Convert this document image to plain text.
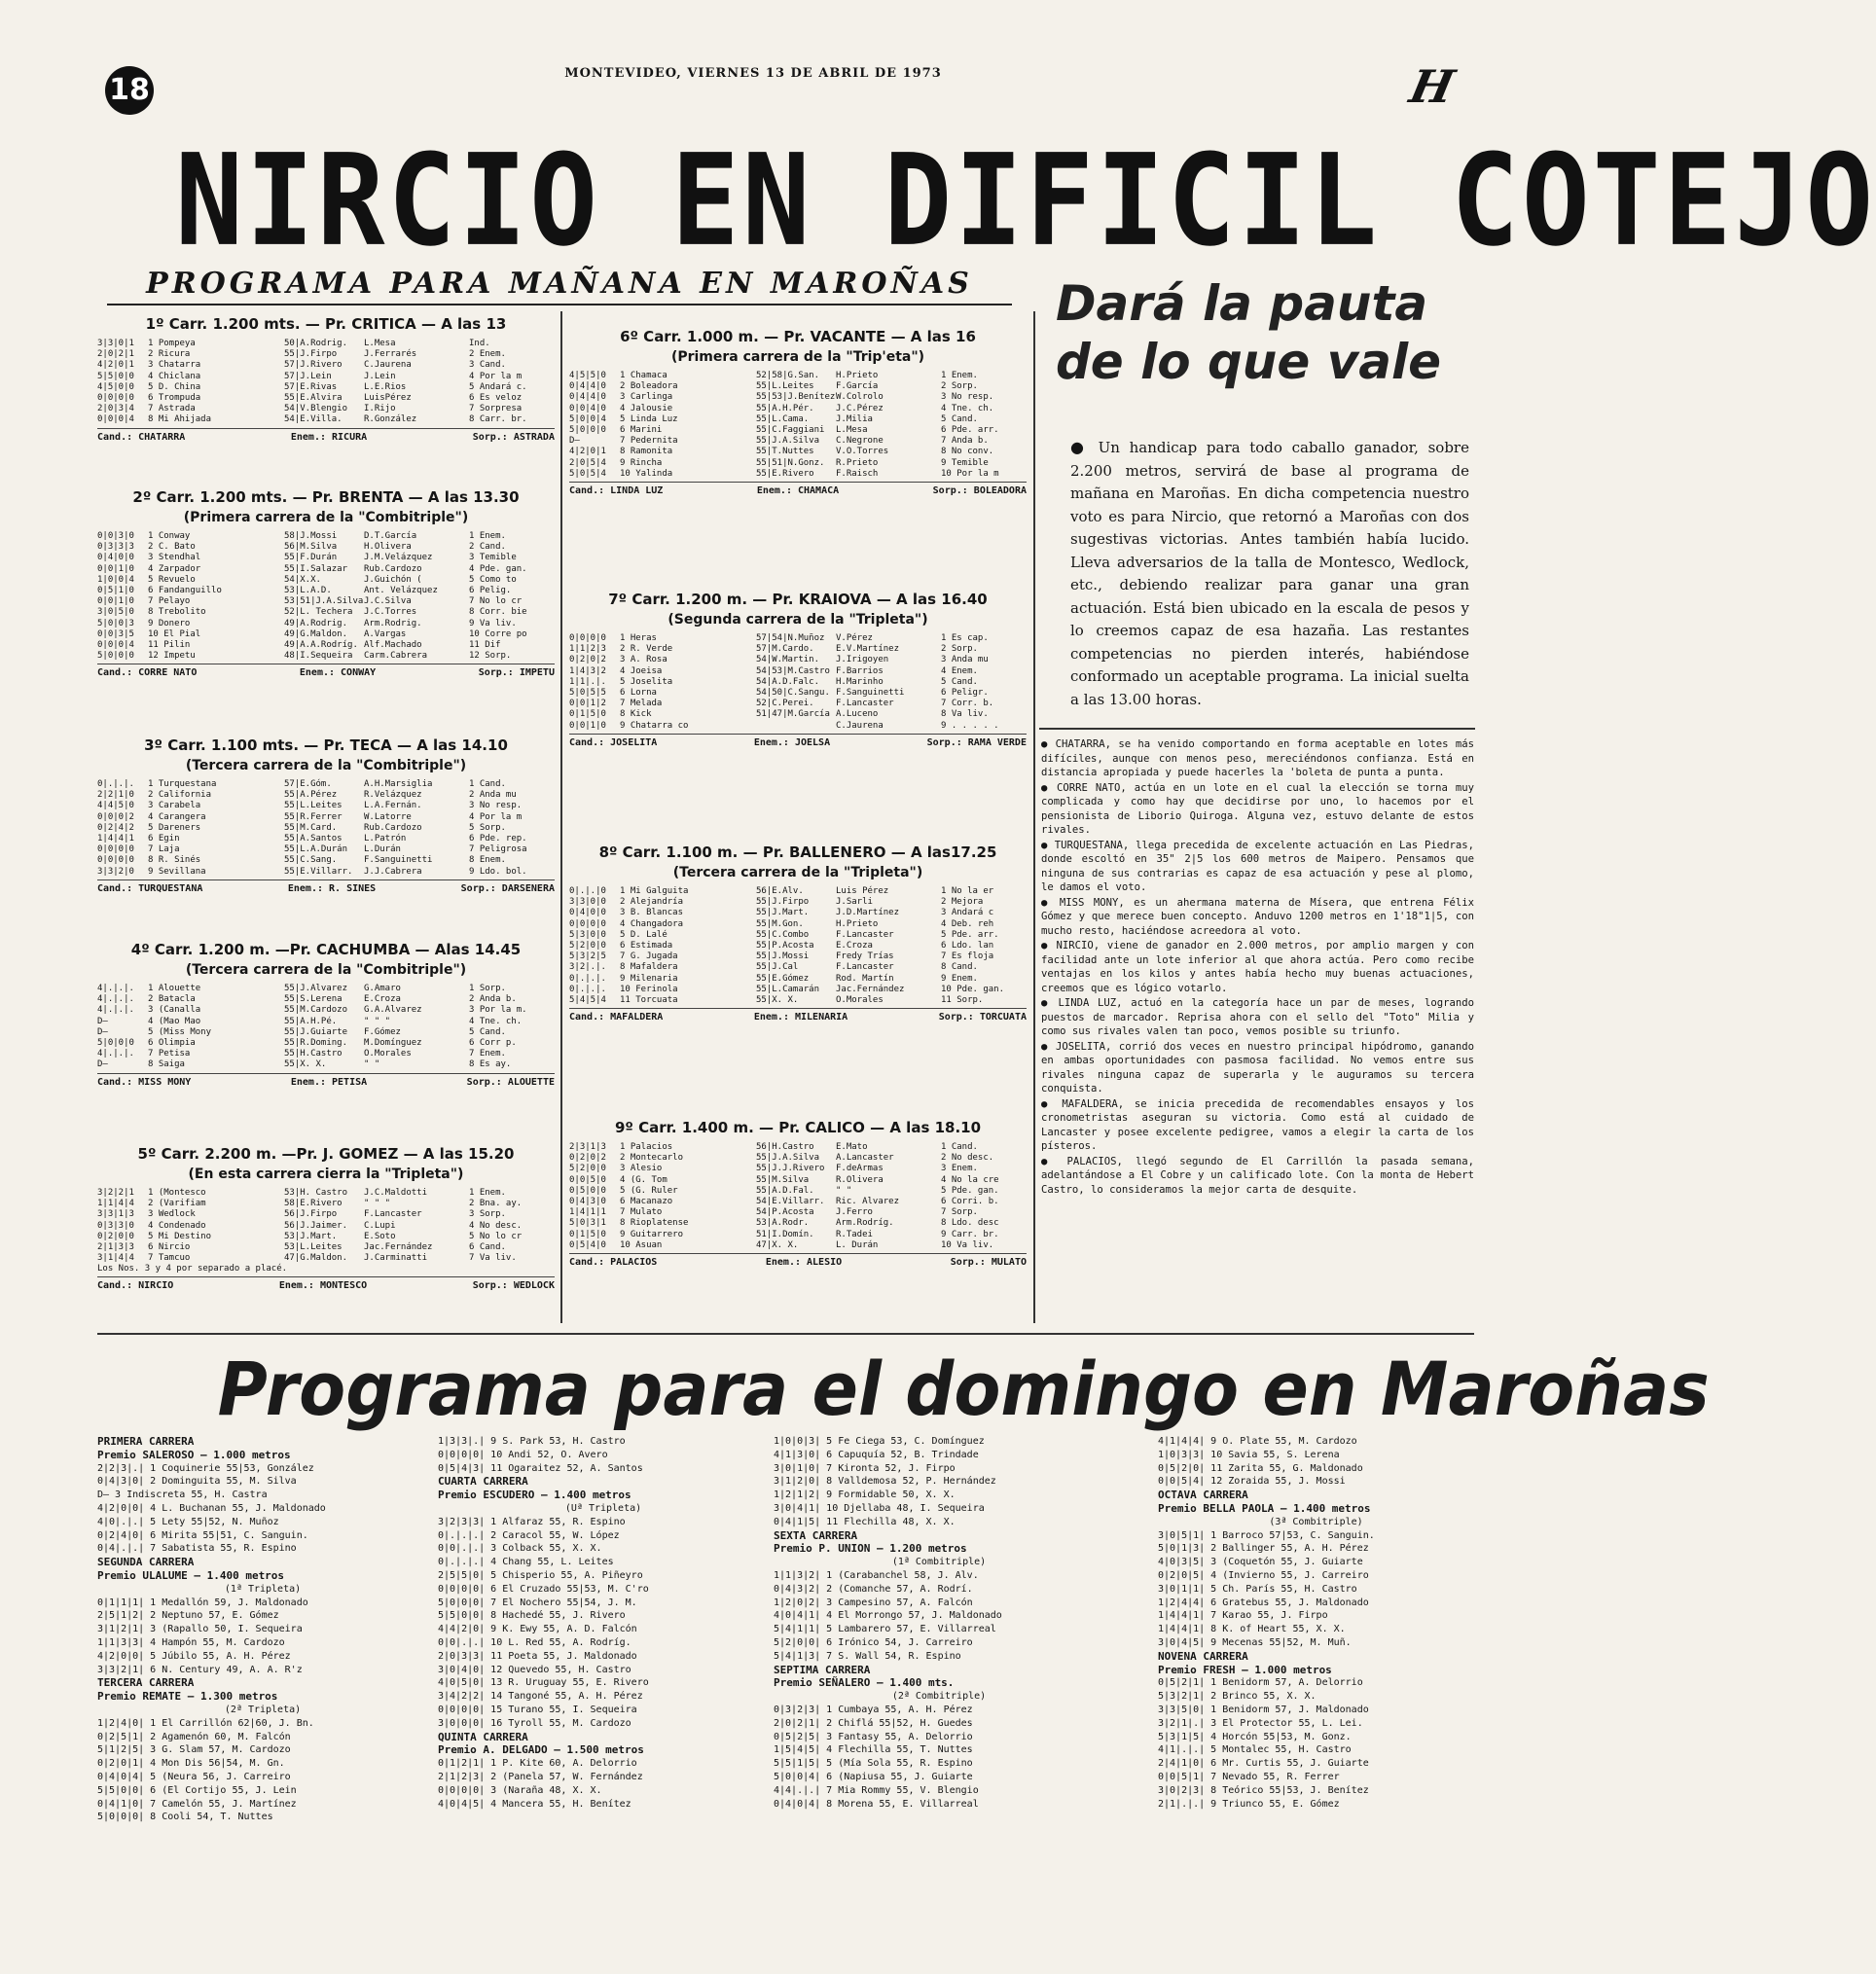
18	MONTEVIDEO, VIERNES 13 DE ABRIL DE 1973	H
NIRCIO EN DIFICIL COTEJO
PROGRAMA PARA MAÑANA EN MAROÑAS
1º Carr. 1.200 mts. — Pr. CRITICA — A las 13
3|3|0|1	1 Pompeya	50|A.Rodrig.	L.Mesa	Ind.
2|0|2|1	2 Ricura	55|J.Firpo	J.Ferrarés	2 Enem.
4|2|0|1	3 Chatarra	57|J.Rivero	C.Jaurena	3 Cand.
5|5|0|0	4 Chiclana	57|J.Lein	J.Lein	4 Por la m
4|5|0|0	5 D. China	57|E.Rivas	L.E.Rios	5 Andará c.
0|0|0|0	6 Trompuda	55|E.Alvira	LuisPérez	6 Es veloz
2|0|3|4	7 Astrada	54|V.Blengio	I.Rijo	7 Sorpresa
0|0|0|4	8 Mi Ahijada	54|E.Villa.	R.González	8 Carr. br.
Cand.: CHATARRA	Enem.: RICURA	Sorp.: ASTRADA
2º Carr. 1.200 mts. — Pr. BRENTA — A las 13.30
(Primera carrera de la "Combitriple")
0|0|3|0	1 Conway	58|J.Mossi	D.T.García	1 Enem.
0|3|3|3	2 C. Bato	56|M.Silva	H.Olivera	2 Cand.
0|4|0|0	3 Stendhal	55|F.Durán	J.M.Velázquez	3 Temible
0|0|1|0	4 Zarpador	55|I.Salazar	Rub.Cardozo	4 Pde. gan.
1|0|0|4	5 Revuelo	54|X.X.	J.Guichón (	5 Como to
0|5|1|0	6 Fandanguillo	53|L.A.D.	Ant. Velázquez	6 Pelig.
0|0|1|0	7 Pelayo	53|51|J.A.Silva J.C.Silva	7 No lo cr
3|0|5|0	8 Trebolito	52|L. Techera	J.C.Torres	8 Corr. bie
5|0|0|3	9 Donero	49|A.Rodrig.	Arm.Rodrig.	9 Va liv.
0|0|3|5	10 El Pial	49|G.Maldon.	A.Vargas	10 Corre po
0|0|0|4	11 Pilin	49|A.A.Rodríg. Alf.Machado	11 Dif
5|0|0|0	12 Impetu	48|I.Sequeira	Carm.Cabrera	12 Sorp.
Cand.: CORRE NATO	Enem.: CONWAY	Sorp.: IMPETU
3º Carr. 1.100 mts. — Pr. TECA — A las 14.10
(Tercera carrera de la "Combitriple")
0|.|.|.	1 Turquestana	57|E.Góm.	A.H.Marsiglia	1 Cand.
2|2|1|0	2 California	55|A.Pérez	R.Velázquez	2 Anda mu
4|4|5|0	3 Carabela	55|L.Leites	L.A.Fernán.	3 No resp.
0|0|0|2	4 Carangera	55|R.Ferrer	W.Latorre	4 Por la m
0|2|4|2	5 Dareners	55|M.Card.	Rub.Cardozo	5 Sorp.
1|4|4|1	6 Egin	55|A.Santos	L.Patrón	6 Pde. rep.
0|0|0|0	7 Laja	55|L.A.Durán	L.Durán	7 Peligrosa
0|0|0|0	8 R. Sinés	55|C.Sang.	F.Sanguinetti	8 Enem.
3|3|2|0	9 Sevillana	55|E.Villarr.	J.J.Cabrera	9 Ldo. bol.
Cand.: TURQUESTANA	Enem.: R. SINES	Sorp.: DARSENERA
4º Carr. 1.200 m. —Pr. CACHUMBA — Alas 14.45
(Tercera carrera de la "Combitriple")
4|.|.|.	1 Alouette	55|J.Alvarez	G.Amaro	1 Sorp.
4|.|.|.	2 Batacla	55|S.Lerena	E.Croza	2 Anda b.
4|.|.|.	3 (Canalla	55|M.Cardozo	G.A.Alvarez	3 Por la m.
D—	4 (Mao Mao	55|A.H.Pé.	" " "	4 Tne. ch.
D—	5 (Miss Mony	55|J.Guiarte	F.Gómez	5 Cand.
5|0|0|0	6 Olimpia	55|R.Doming.	M.Domínguez	6 Corr p.
4|.|.|.	7 Petisa	55|H.Castro	O.Morales	7 Enem.
D—	8 Saiga	55|X. X.	" "	8 Es ay.
Cand.: MISS MONY	Enem.: PETISA	Sorp.: ALOUETTE
5º Carr. 2.200 m. —Pr. J. GOMEZ — A las 15.20
(En esta carrera cierra la "Tripleta")
3|2|2|1	1 (Montesco	53|H. Castro	J.C.Maldotti	1 Enem.
1|1|4|4	2 (Varifiam	58|E.Rivero	" " "	2 Bna. ay.
3|3|1|3	3 Wedlock	56|J.Firpo	F.Lancaster	3 Sorp.
0|3|3|0	4 Condenado	56|J.Jaimer.	C.Lupi	4 No desc.
0|2|0|0	5 Mi Destino	53|J.Mart.	E.Soto	5 No lo cr
2|1|3|3	6 Nircio	53|L.Leites	Jac.Fernández	6 Cand.
3|1|4|4	7 Tamcuo	47|G.Maldon.	J.Carminatti	7 Va liv.
Los Nos. 3 y 4 por separado a placé.
Cand.: NIRCIO	Enem.: MONTESCO	Sorp.: WEDLOCK
6º Carr. 1.000 m. — Pr. VACANTE — A las 16
(Primera carrera de la "Trip'eta")
4|5|5|0	1 Chamaca	52|58|G.San.	H.Prieto	1 Enem.
0|4|4|0	2 Boleadora	55|L.Leites	F.García	2 Sorp.
0|4|4|0	3 Carlinga	55|53|J.Benítez W.Colrolo	3 No resp.
0|0|4|0	4 Jalousie	55|A.H.Pér.	J.C.Pérez	4 Tne. ch.
5|0|0|4	5 Linda Luz	55|L.Cama.	J.Milia	5 Cand.
5|0|0|0	6 Marini	55|C.Faggiani	L.Mesa	6 Pde. arr.
D—	7 Pedernita	55|J.A.Silva	C.Negrone	7 Anda b.
4|2|0|1	8 Ramonita	55|T.Nuttes	V.O.Torres	8 No conv.
2|0|5|4	9 Rincha	55|51|N.Gonz.	R.Prieto	9 Temible
5|0|5|4	10 Yalinda	55|E.Rivero	F.Raisch	10 Por la m
Cand.: LINDA LUZ	Enem.: CHAMACA	Sorp.: BOLEADORA
7º Carr. 1.200 m. — Pr. KRAIOVA — A las 16.40
(Segunda carrera de la "Tripleta")
0|0|0|0	1 Heras	57|54|N.Muñoz	V.Pérez	1 Es cap.
1|1|2|3	2 R. Verde	57|M.Cardo.	E.V.Martínez	2 Sorp.
0|2|0|2	3 A. Rosa	54|W.Martin.	J.Irigoyen	3 Anda mu
1|4|3|2	4 Joeisa	54|53|M.Castro F.Barrios	4 Enem.
1|1|.|.	5 Joselita	54|A.D.Falc.	H.Marinho	5 Cand.
5|0|5|5	6 Lorna	54|50|C.Sangu. F.Sanguinetti	6 Peligr.
0|0|1|2	7 Melada	52|C.Perei.	F.Lancaster	7 Corr. b.
0|1|5|0	8 Kick	51|47|M.García A.Luceno	8 Va liv.
0|0|1|0	9 Chatarra co	C.Jaurena	9 . . . . .
Cand.: JOSELITA	Enem.: JOELSA	Sorp.: RAMA VERDE
8º Carr. 1.100 m. — Pr. BALLENERO — A las17.25
(Tercera carrera de la "Tripleta")
0|.|.|0	1 Mi Galguita	56|E.Alv.	Luis Pérez	1 No la er
3|3|0|0	2 Alejandría	55|J.Firpo	J.Sarli	2 Mejora
0|4|0|0	3 B. Blancas	55|J.Mart.	J.D.Martínez	3 Andará c
0|0|0|0	4 Changadora	55|M.Gon.	H.Prieto	4 Deb. reh
5|3|0|0	5 D. Lalé	55|C.Combo	F.Lancaster	5 Pde. arr.
5|2|0|0	6 Estimada	55|P.Acosta	E.Croza	6 Ldo. lan
5|3|2|5	7 G. Jugada	55|J.Mossi	Fredy Trías	7 Es floja
3|2|.|.	8 Mafaldera	55|J.Cal	F.Lancaster	8 Cand.
0|.|.|.	9 Milenaria	55|E.Gómez	Rod. Martín	9 Enem.
0|.|.|.	10 Ferinola	55|L.Camarán	Jac.Fernández	10 Pde. gan.
5|4|5|4	11 Torcuata	55|X. X.	O.Morales	11 Sorp.
Cand.: MAFALDERA	Enem.: MILENARIA	Sorp.: TORCUATA
9º Carr. 1.400 m. — Pr. CALICO — A las 18.10
2|3|1|3	1 Palacios	56|H.Castro	E.Mato	1 Cand.
0|2|0|2	2 Montecarlo	55|J.A.Silva	A.Lancaster	2 No desc.
5|2|0|0	3 Alesio	55|J.J.Rivero	F.deArmas	3 Enem.
0|0|5|0	4 (G. Tom	55|M.Silva	R.Olivera	4 No la cre
0|5|0|0	5 (G. Ruler	55|A.D.Fal.	" "	5 Pde. gan.
0|4|3|0	6 Macanazo	54|E.Villarr.	Ric. Alvarez	6 Corri. b.
1|4|1|1	7 Mulato	54|P.Acosta	J.Ferro	7 Sorp.
5|0|3|1	8 Rioplatense	53|A.Rodr.	Arm.Rodríg.	8 Ldo. desc
0|1|5|0	9 Guitarrero	51|I.Domín.	R.Tadei	9 Carr. br.
0|5|4|0	10 Asuan	47|X. X.	L. Durán	10 Va liv.
Cand.: PALACIOS	Enem.: ALESIO	Sorp.: MULATO
Dará la pauta de lo que vale
● Un handicap para todo caballo ganador, sobre 2.200 metros, servirá de base al programa de mañana en Maroñas. En dicha competencia nuestro voto es para Nircio, que retornó a Maroñas con dos sugestivas victorias. Antes también había lucido. Lleva adversarios de la talla de Montesco, Wedlock, etc., debiendo realizar para ganar una gran actuación. Está bien ubicado en la escala de pesos y lo creemos capaz de esa hazaña. Las restantes competencias no pierden interés, habiéndose conformado un aceptable programa. La inicial suelta a las 13.00 horas.

● CHATARRA, se ha venido comportando en forma aceptable en lotes más difíciles, aunque con menos peso, mereciéndonos confianza. Está en distancia apropiada y puede hacerles la 'boleta de punta a punta.

● CORRE NATO, actúa en un lote en el cual la elección se torna muy complicada y como hay que decidirse por uno, lo hacemos por el pensionista de Liborio Quiroga. Alguna vez, estuvo delante de estos rivales.

● TURQUESTANA, llega precedida de excelente actuación en Las Piedras, donde escoltó en 35" 2|5 los 600 metros de Maipero. Pensamos que ninguna de sus contrarias es capaz de esa actuación y pese al plomo, le damos el voto.

● MISS MONY, es un ahermana materna de Mísera, que entrena Félix Gómez y que merece buen concepto. Anduvo 1200 metros en 1'18"1|5, con mucho resto, haciéndose acreedora al voto.

● NIRCIO, viene de ganador en 2.000 metros, por amplio margen y con facilidad ante un lote inferior al que ahora actúa. Pero como recibe ventajas en los kilos y antes había hecho muy buenas actuaciones, creemos que es lógico votarlo.

● LINDA LUZ, actuó en la categoría hace un par de meses, logrando puestos de marcador. Reprisa ahora con el sello del "Toto" Milia y como sus rivales valen tan poco, vemos posible su triunfo.

● JOSELITA, corrió dos veces en nuestro principal hipódromo, ganando en ambas oportunidades con pasmosa facilidad. No vemos entre sus rivales ninguna capaz de superarla y le auguramos su tercera conquista.

● MAFALDERA, se inicia precedida de recomendables ensayos y los cronometristas aseguran su victoria. Como está al cuidado de Lancaster y posee excelente pedigree, vamos a elegir la carta de los písteros.

● PALACIOS, llegó segundo de El Carrillón la pasada semana, adelantándose a El Cobre y un calificado lote. Con la monta de Hebert Castro, lo consideramos la mejor carta de desquite.

Programa para el domingo en Maroñas
PRIMERA CARRERA
Premio SALEROSO — 1.000 metros
2|2|3|.| 1 Coquinerie 55|53, González
0|4|3|0| 2 Dominguita 55, M. Silva
D— 3 Indiscreta 55, H. Castra
4|2|0|0| 4 L. Buchanan 55, J. Maldonado
4|0|.|.| 5 Lety 55|52, N. Muñoz
0|2|4|0| 6 Mirita 55|51, C. Sanguin.
0|4|.|.| 7 Sabatista 55, R. Espino
SEGUNDA CARRERA
Premio ULALUME — 1.400 metros
(1ª Tripleta)
0|1|1|1| 1 Medallón 59, J. Maldonado
2|5|1|2| 2 Neptuno 57, E. Gómez
3|1|2|1| 3 (Rapallo 50, I. Sequeira
1|1|3|3| 4 Hampón 55, M. Cardozo
4|2|0|0| 5 Júbilo 55, A. H. Pérez
3|3|2|1| 6 N. Century 49, A. A. R'z
TERCERA CARRERA
Premio REMATE — 1.300 metros
(2ª Tripleta)
1|2|4|0| 1 El Carrillón 62|60, J. Bn.
0|2|5|1| 2 Agamenón 60, M. Falcón
5|1|2|5| 3 G. Slam 57, M. Cardozo
0|2|0|1| 4 Mon Dis 56|54, M. Gn.
0|4|0|4| 5 (Neura 56, J. Carreiro
5|5|0|0| 6 (El Cortijo 55, J. Lein
0|4|1|0| 7 Camelón 55, J. Martínez
5|0|0|0| 8 Cooli 54, T. Nuttes
1|3|3|.| 9 S. Park 53, H. Castro
0|0|0|0| 10 Andi 52, O. Avero
0|5|4|3| 11 Ogaraitez 52, A. Santos
CUARTA CARRERA
Premio ESCUDERO — 1.400 metros
(Uª Tripleta)
3|2|3|3| 1 Alfaraz 55, R. Espino
0|.|.|.| 2 Caracol 55, W. López
0|0|.|.| 3 Colback 55, X. X.
0|.|.|.| 4 Chang 55, L. Leites
2|5|5|0| 5 Chisperio 55, A. Piñeyro
0|0|0|0| 6 El Cruzado 55|53, M. C'ro
5|0|0|0| 7 El Nochero 55|54, J. M.
5|5|0|0| 8 Hachedé 55, J. Rivero
4|4|2|0| 9 K. Ewy 55, A. D. Falcón
0|0|.|.| 10 L. Red 55, A. Rodríg.
2|0|3|3| 11 Poeta 55, J. Maldonado
3|0|4|0| 12 Quevedo 55, H. Castro
4|0|5|0| 13 R. Uruguay 55, E. Rivero
3|4|2|2| 14 Tangoné 55, A. H. Pérez
0|0|0|0| 15 Turano 55, I. Sequeira
3|0|0|0| 16 Tyroll 55, M. Cardozo
QUINTA CARRERA
Premio A. DELGADO — 1.500 metros
0|1|2|1| 1 P. Kite 60, A. Delorrio
2|1|2|3| 2 (Panela 57, W. Fernández
0|0|0|0| 3 (Naraña 48, X. X.
4|0|4|5| 4 Mancera 55, H. Benítez
1|0|0|3| 5 Fe Ciega 53, C. Domínguez
4|1|3|0| 6 Capuquía 52, B. Trindade
3|0|1|0| 7 Kironta 52, J. Firpo
3|1|2|0| 8 Valldemosa 52, P. Hernández
1|2|1|2| 9 Formidable 50, X. X.
3|0|4|1| 10 Djellaba 48, I. Sequeira
0|4|1|5| 11 Flechilla 48, X. X.
SEXTA CARRERA
Premio P. UNION — 1.200 metros
(1ª Combitriple)
1|1|3|2| 1 (Carabanchel 58, J. Alv.
0|4|3|2| 2 (Comanche 57, A. Rodrí.
1|2|0|2| 3 Campesino 57, A. Falcón
4|0|4|1| 4 El Morrongo 57, J. Maldonado
5|4|1|1| 5 Lambarero 57, E. Villarreal
5|2|0|0| 6 Irónico 54, J. Carreiro
5|4|1|3| 7 S. Wall 54, R. Espino
SEPTIMA CARRERA
Premio SEÑALERO — 1.400 mts.
(2ª Combitriple)
0|3|2|3| 1 Cumbaya 55, A. H. Pérez
2|0|2|1| 2 Chiflá 55|52, H. Guedes
0|5|2|5| 3 Fantasy 55, A. Delorrio
1|5|4|5| 4 Flechilla 55, T. Nuttes
5|5|1|5| 5 (Mía Sola 55, R. Espino
5|0|0|4| 6 (Napiusa 55, J. Guiarte
4|4|.|.| 7 Mia Rommy 55, V. Blengio
0|4|0|4| 8 Morena 55, E. Villarreal
4|1|4|4| 9 O. Plate 55, M. Cardozo
1|0|3|3| 10 Savia 55, S. Lerena
0|5|2|0| 11 Zarita 55, G. Maldonado
0|0|5|4| 12 Zoraida 55, J. Mossi
OCTAVA CARRERA
Premio BELLA PAOLA — 1.400 metros
(3ª Combitriple)
3|0|5|1| 1 Barroco 57|53, C. Sanguin.
5|0|1|3| 2 Ballinger 55, A. H. Pérez
4|0|3|5| 3 (Coquetón 55, J. Guiarte
0|2|0|5| 4 (Invierno 55, J. Carreiro
3|0|1|1| 5 Ch. París 55, H. Castro
1|2|4|4| 6 Gratebus 55, J. Maldonado
1|4|4|1| 7 Karao 55, J. Firpo
1|4|4|1| 8 K. of Heart 55, X. X.
3|0|4|5| 9 Mecenas 55|52, M. Muñ.
NOVENA CARRERA
Premio FRESH — 1.000 metros
0|5|2|1| 1 Benidorm 57, A. Delorrio
5|3|2|1| 2 Brinco 55, X. X.
3|3|5|0| 1 Benidorm 57, J. Maldonado
3|2|1|.| 3 El Protector 55, L. Lei.
5|3|1|5| 4 Horcón 55|53, M. Gonz.
4|1|.|.| 5 Montalec 55, H. Castro
2|4|1|0| 6 Mr. Curtis 55, J. Guiarte
0|0|5|1| 7 Nevado 55, R. Ferrer
3|0|2|3| 8 Teórico 55|53, J. Benítez
2|1|.|.| 9 Triunco 55, E. Gómez
